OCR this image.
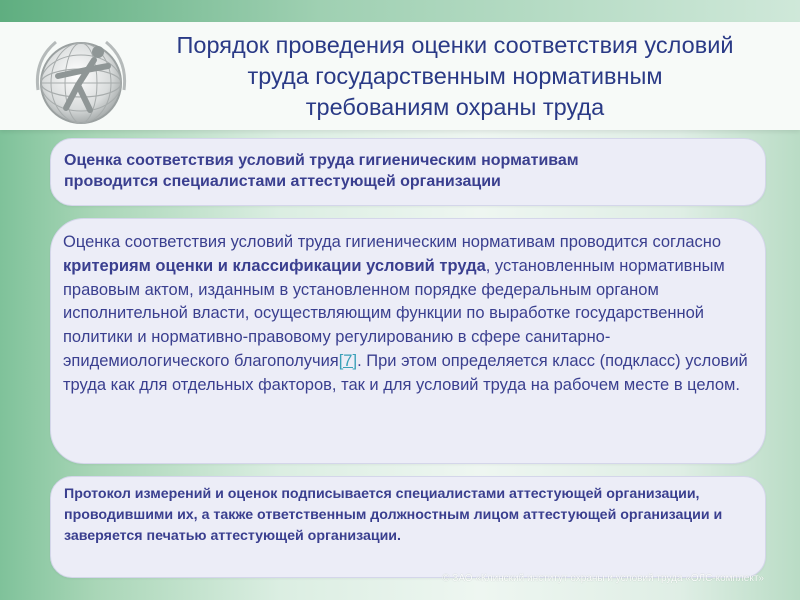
Порядок проведения оценки соответствия условий
труда государственным нормативным
требованиям охраны труда
Оценка соответствия условий труда гигиеническим нормативам
проводится специалистами аттестующей организации
Оценка соответствия условий труда гигиеническим нормативам проводится согласно критериям оценки и классификации условий труда, установленным нормативным правовым актом, изданным в установленном порядке федеральным органом исполнительной власти, осуществляющим функции по выработке государственной политики и нормативно-правовому регулированию в сфере санитарно-эпидемиологического благополучия[7]. При этом определяется класс (подкласс) условий труда как для отдельных факторов, так и для условий труда на рабочем месте в целом.
Протокол измерений и оценок подписывается специалистами аттестующей организации, проводившими их, а также ответственным должностным лицом аттестующей организации и заверяется печатью аттестующей организации.
© ЗАО «Клинский институт охраны и условий труда «ОЛС-комплект»
